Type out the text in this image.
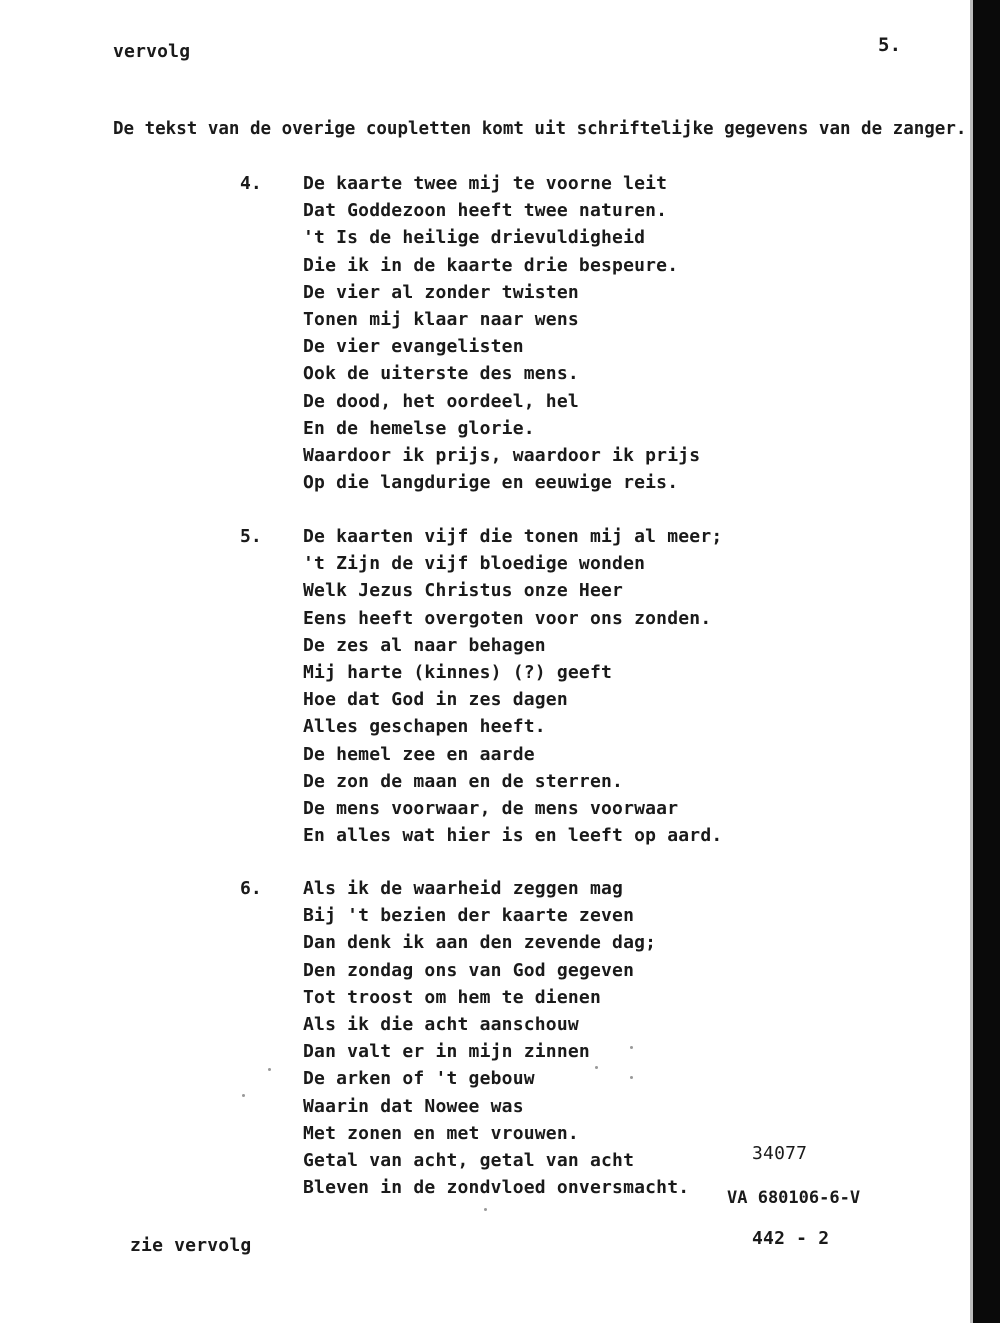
vervolg	5.
De tekst van de overige coupletten komt uit schriftelijke gegevens van de zanger.
4. De kaarte twee mij te voorne leit
Dat Goddezoon heeft twee naturen.
't Is de heilige drievuldigheid
Die ik in de kaarte drie bespeure.
De vier al zonder twisten
Tonen mij klaar naar wens
De vier evangelisten
Ook de uiterste des mens.
De dood, het oordeel, hel
En de hemelse glorie.
Waardoor ik prijs, waardoor ik prijs
Op die langdurige en eeuwige reis.
5. De kaarten vijf die tonen mij al meer;
't Zijn de vijf bloedige wonden
Welk Jezus Christus onze Heer
Eens heeft overgoten voor ons zonden.
De zes al naar behagen
Mij harte (kinnes) (?) geeft
Hoe dat God in zes dagen
Alles geschapen heeft.
De hemel zee en aarde
De zon de maan en de sterren.
De mens voorwaar, de mens voorwaar
En alles wat hier is en leeft op aard.
6. Als ik de waarheid zeggen mag
Bij 't bezien der kaarte zeven
Dan denk ik aan den zevende dag;
Den zondag ons van God gegeven
Tot troost om hem te dienen
Als ik die acht aanschouw
Dan valt er in mijn zinnen
De arken of 't gebouw
Waarin dat Nowee was
Met zonen en met vrouwen.
Getal van acht, getal van acht
Bleven in de zondvloed onversmacht.
zie vervolg
34077
VA 680106-6-V
442 - 2
